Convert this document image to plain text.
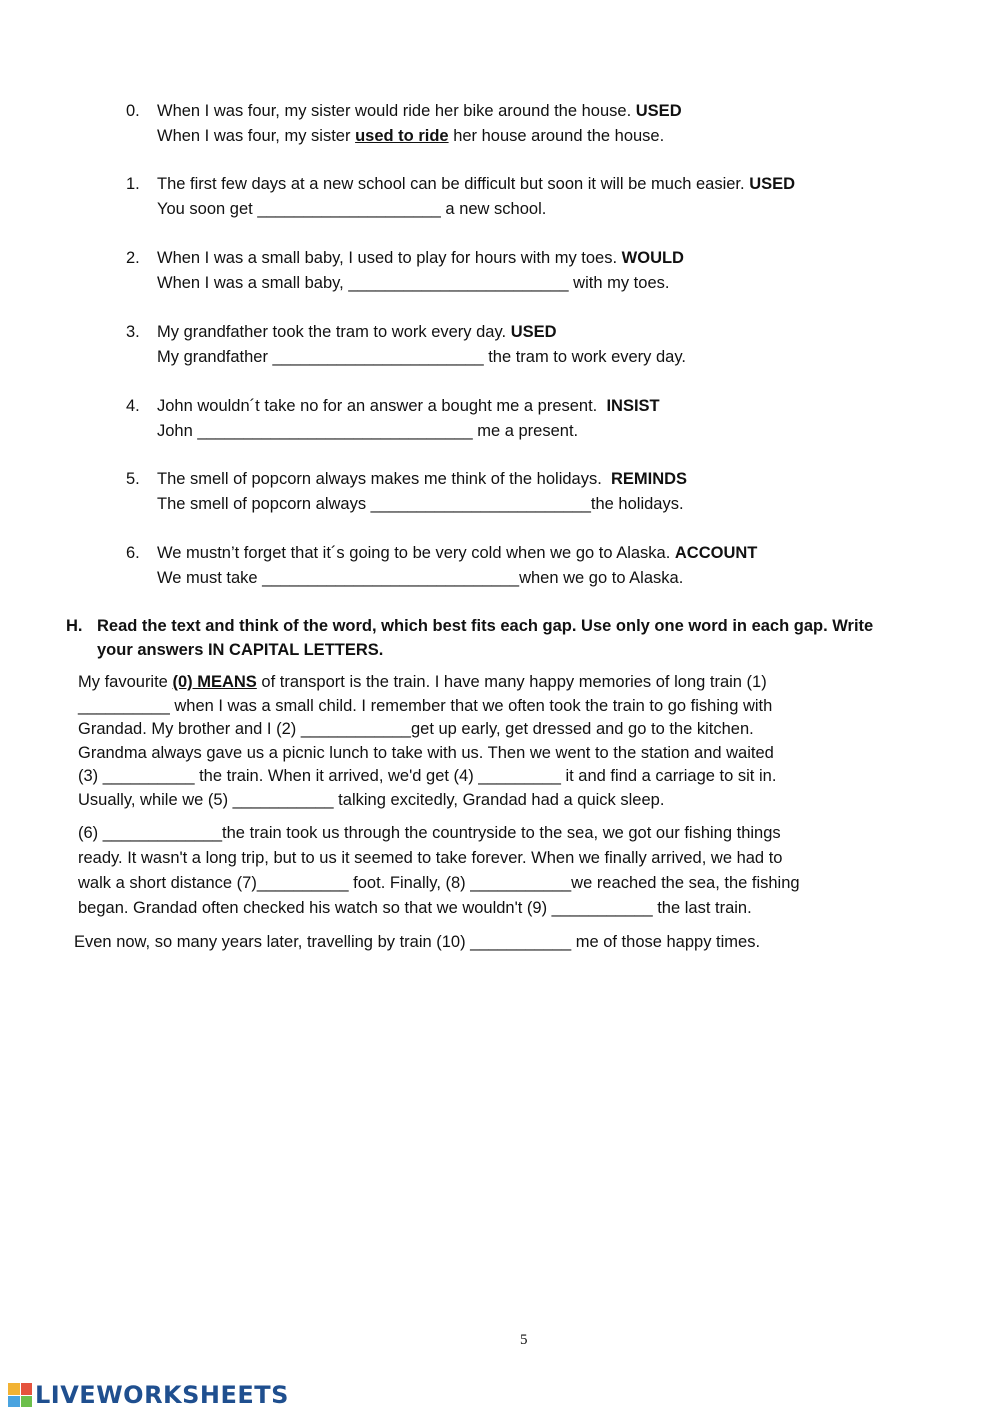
0.	When I was four, my sister would ride her bike around the house. USED
When I was four, my sister used to ride her house around the house.
1.	The first few days at a new school can be difficult but soon it will be much easier. USED
You soon get ____________________ a new school.
2.	When I was a small baby, I used to play for hours with my toes. WOULD
When I was a small baby, ________________________ with my toes.
3.	My grandfather took the tram to work every day. USED
My grandfather _______________________ the tram to work every day.
4.	John wouldn´t take no for an answer a bought me a present. INSIST
John ______________________________ me a present.
5.	The smell of popcorn always makes me think of the holidays. REMINDS
The smell of popcorn always ________________________the holidays.
6.	We mustn’t forget that it´s going to be very cold when we go to Alaska. ACCOUNT
We must take ____________________________when we go to Alaska.
H. Read the text and think of the word, which best fits each gap. Use only one word in each gap. Write
your answers IN CAPITAL LETTERS.
My favourite (0) MEANS of transport is the train. I have many happy memories of long train (1)
__________ when I was a small child. I remember that we often took the train to go fishing with
Grandad. My brother and I (2) ____________get up early, get dressed and go to the kitchen.
Grandma always gave us a picnic lunch to take with us. Then we went to the station and waited
(3) __________ the train. When it arrived, we'd get (4) _________ it and find a carriage to sit in.
Usually, while we (5) ___________ talking excitedly, Grandad had a quick sleep.
(6) _____________the train took us through the countryside to the sea, we got our fishing things
ready. It wasn't a long trip, but to us it seemed to take forever. When we finally arrived, we had to
walk a short distance (7)__________ foot. Finally, (8) ___________we reached the sea, the fishing
began. Grandad often checked his watch so that we wouldn't (9) ___________ the last train.
Even now, so many years later, travelling by train (10) ___________ me of those happy times.
5
LIVEWORKSHEETS
